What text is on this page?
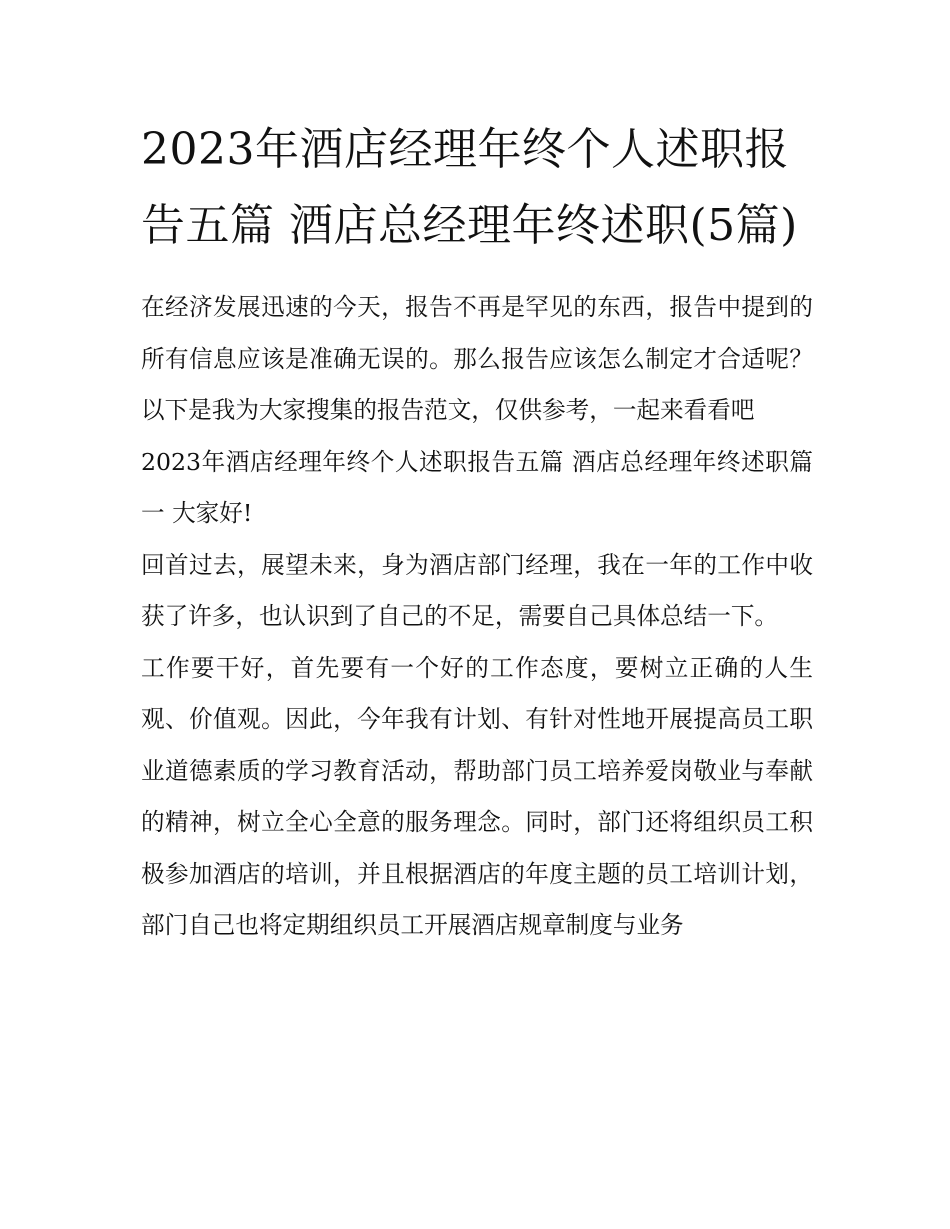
2023年酒店经理年终个人述职报告五篇 酒店总经理年终述职(5篇)

在经济发展迅速的今天，报告不再是罕见的东西，报告中提到的所有信息应该是准确无误的。那么报告应该怎么制定才合适呢？以下是我为大家搜集的报告范文，仅供参考，一起来看看吧

2023年酒店经理年终个人述职报告五篇 酒店总经理年终述职篇一 大家好!

回首过去，展望未来，身为酒店部门经理，我在一年的工作中收获了许多，也认识到了自己的不足，需要自己具体总结一下。

工作要干好，首先要有一个好的工作态度，要树立正确的人生观、价值观。因此，今年我有计划、有针对性地开展提高员工职业道德素质的学习教育活动，帮助部门员工培养爱岗敬业与奉献的精神，树立全心全意的服务理念。同时，部门还将组织员工积极参加酒店的培训，并且根据酒店的年度主题的员工培训计划，部门自己也将定期组织员工开展酒店规章制度与业务
